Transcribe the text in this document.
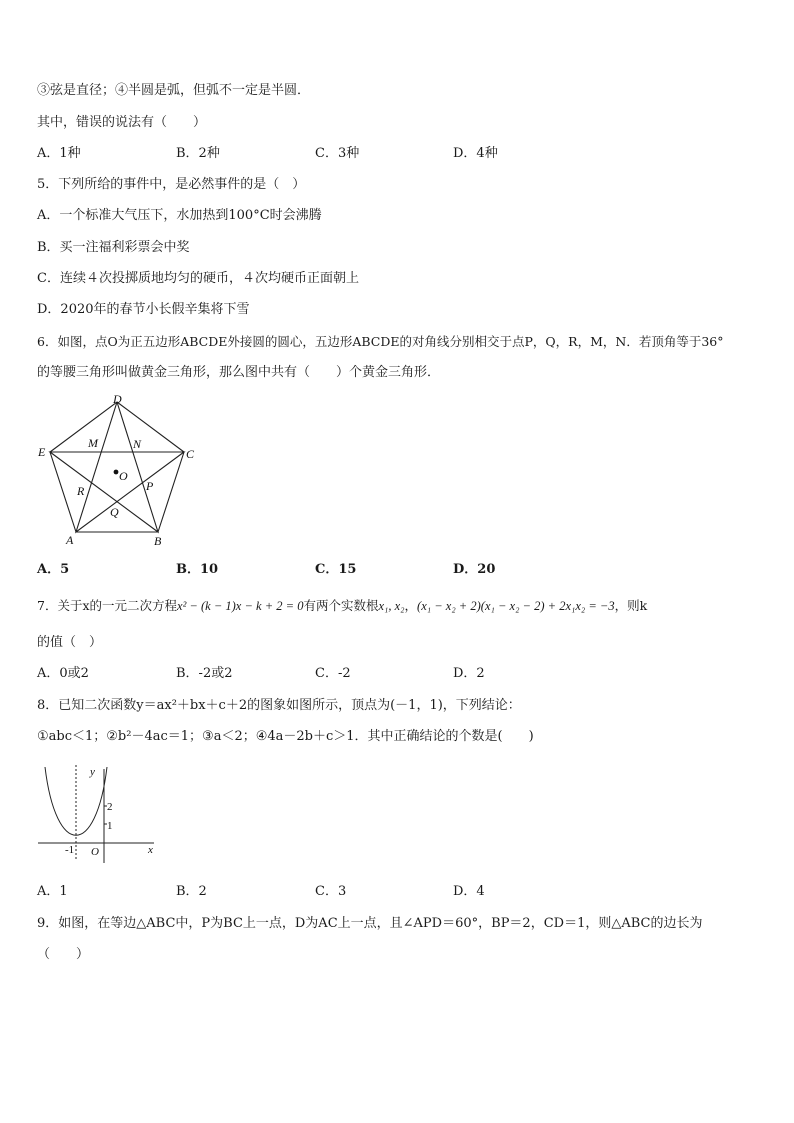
③弦是直径；④半圆是弧，但弧不一定是半圆．
其中，错误的说法有（　　）
A．1种	B．2种	C．3种	D．4种
5．下列所给的事件中，是必然事件的是（　）
A．一个标准大气压下，水加热到100°C时会沸腾
B．买一注福利彩票会中奖
C．连续４次投掷质地均匀的硬币，４次均硬币正面朝上
D．2020年的春节小长假辛集将下雪
6．如图，点O为正五边形ABCDE外接圆的圆心，五边形ABCDE的对角线分别相交于点P，Q，R，M，N．若顶角等于36°
的等腰三角形叫做黄金三角形，那么图中共有（　　）个黄金三角形．
D
C
E
A	B
M	N
O
P
Q
R
A．5	B．10	C．15	D．20
7．关于x的一元二次方程x² − (k − 1)x − k + 2 = 0有两个实数根x₁, x₂，(x₁ − x₂ + 2)(x₁ − x₂ − 2) + 2x₁x₂ = −3，则k
的值（　）
A．0或2	B．-2或2	C．-2	D．2
8．已知二次函数y＝ax²＋bx＋c＋2的图象如图所示，顶点为(－1，1)，下列结论：
①abc＜1；②b²－4ac＝1；③a＜2；④4a－2b＋c＞1．其中正确结论的个数是(　　)
y
x
O
-1
1
2
A．1	B．2	C．3	D．4
9．如图，在等边△ABC中，P为BC上一点，D为AC上一点，且∠APD＝60°，BP＝2，CD＝1，则△ABC的边长为
（　　）
